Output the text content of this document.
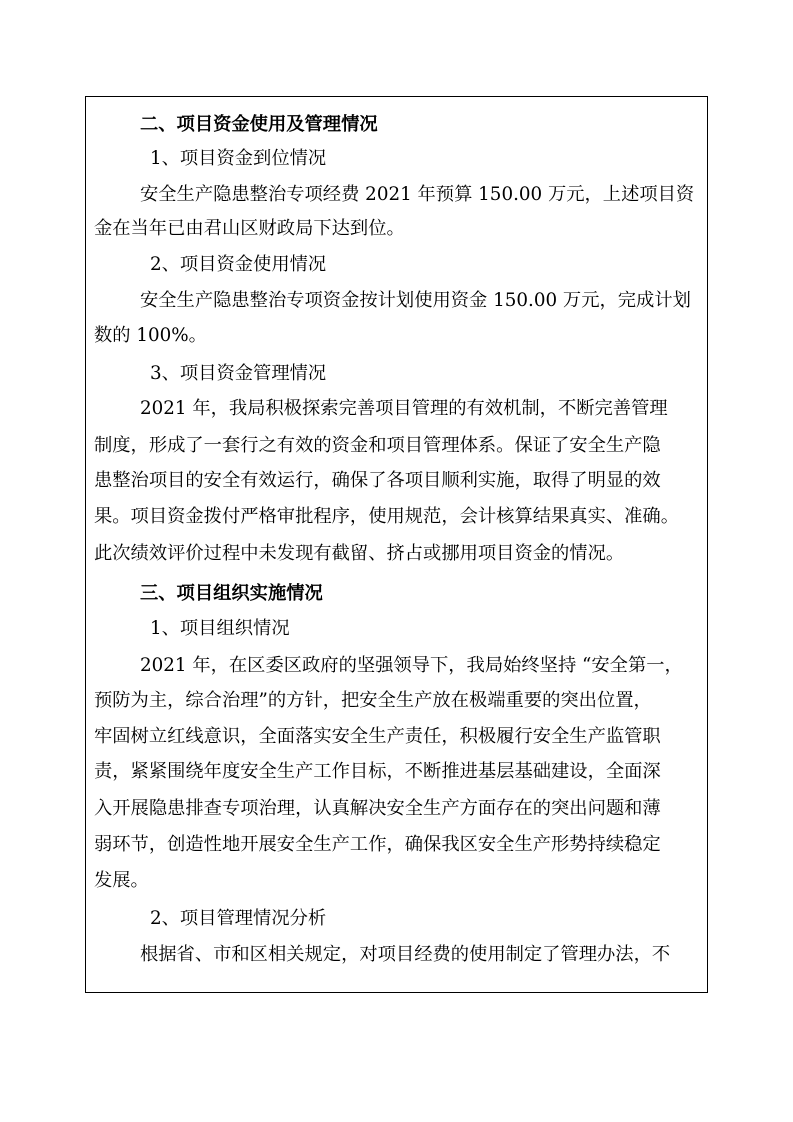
二、项目资金使用及管理情况
1、项目资金到位情况
安全生产隐患整治专项经费 2021 年预算 150.00 万元，上述项目资
金在当年已由君山区财政局下达到位。
2、项目资金使用情况
安全生产隐患整治专项资金按计划使用资金 150.00 万元，完成计划
数的 100%。
3、项目资金管理情况
2021 年，我局积极探索完善项目管理的有效机制，不断完善管理
制度，形成了一套行之有效的资金和项目管理体系。保证了安全生产隐
患整治项目的安全有效运行，确保了各项目顺利实施，取得了明显的效
果。项目资金拨付严格审批程序，使用规范，会计核算结果真实、准确。
此次绩效评价过程中未发现有截留、挤占或挪用项目资金的情况。
三、项目组织实施情况
1、项目组织情况
2021 年，在区委区政府的坚强领导下，我局始终坚持 “安全第一，
预防为主，综合治理”的方针，把安全生产放在极端重要的突出位置，
牢固树立红线意识，全面落实安全生产责任，积极履行安全生产监管职
责，紧紧围绕年度安全生产工作目标，不断推进基层基础建设，全面深
入开展隐患排查专项治理，认真解决安全生产方面存在的突出问题和薄
弱环节，创造性地开展安全生产工作，确保我区安全生产形势持续稳定
发展。
2、项目管理情况分析
根据省、市和区相关规定，对项目经费的使用制定了管理办法，不
